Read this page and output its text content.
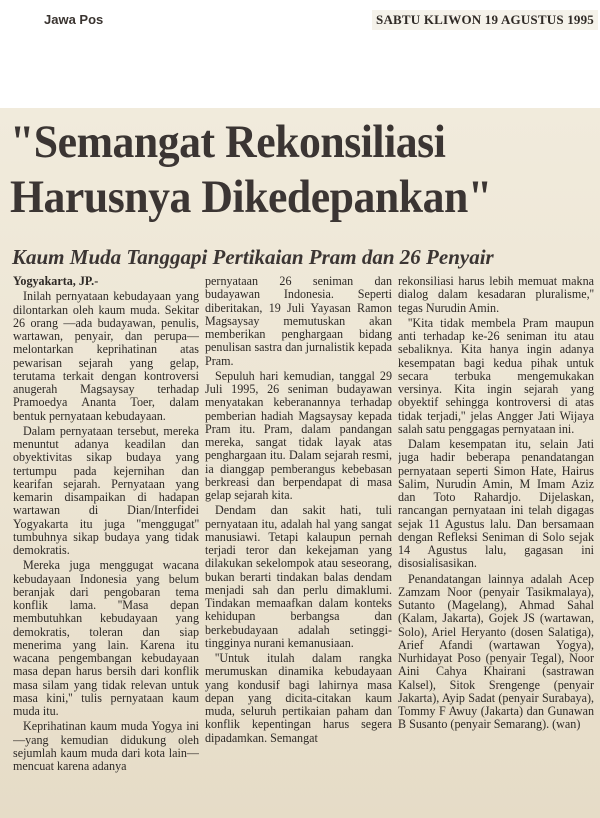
Jawa Pos	SABTU KLIWON 19 AGUSTUS 1995
"Semangat Rekonsiliasi
Harusnya Dikedepankan"
Kaum Muda Tanggapi Pertikaian Pram dan 26 Penyair

Yogyakarta, JP.-

Inilah pernyataan kebudayaan yang dilontarkan oleh kaum muda. Sekitar 26 orang —ada budayawan, penulis, wartawan, penyair, dan perupa— melontarkan keprihatinan atas pewarisan sejarah yang gelap, terutama terkait dengan kontroversi anugerah Magsaysay terhadap Pramoedya Ananta Toer, dalam bentuk pernyataan kebudayaan.

Dalam pernyataan tersebut, mereka menuntut adanya keadilan dan obyektivitas sikap budaya yang tertumpu pada kejernihan dan kearifan sejarah. Pernyataan yang kemarin disampaikan di hadapan wartawan di Dian/Interfidei Yogyakarta itu juga ''menggugat'' tumbuhnya sikap budaya yang tidak demokratis.

Mereka juga menggugat wacana kebudayaan Indonesia yang belum beranjak dari pengobaran tema konflik lama. ''Masa depan membutuhkan kebudayaan yang demokratis, toleran dan siap menerima yang lain. Karena itu wacana pengembangan kebudayaan masa depan harus bersih dari konflik masa silam yang tidak relevan untuk masa kini,'' tulis pernyataan kaum muda itu.

Keprihatinan kaum muda Yogya ini —yang kemudian didukung oleh sejumlah kaum muda dari kota lain— mencuat karena adanya

pernyataan 26 seniman dan budayawan Indonesia. Seperti diberitakan, 19 Juli Yayasan Ramon Magsaysay memutuskan akan memberikan penghargaan bidang penulisan sastra dan jurnalistik kepada Pram.

Sepuluh hari kemudian, tanggal 29 Juli 1995, 26 seniman budayawan menyatakan keberanannya terhadap pemberian hadiah Magsaysay kepada Pram itu. Pram, dalam pandangan mereka, sangat tidak layak atas penghargaan itu. Dalam sejarah resmi, ia dianggap pemberangus kebebasan berkreasi dan berpendapat di masa gelap sejarah kita.

Dendam dan sakit hati, tuli pernyataan itu, adalah hal yang sangat manusiawi. Tetapi kalaupun pernah terjadi teror dan kekejaman yang dilakukan sekelompok atau seseorang, bukan berarti tindakan balas dendam menjadi sah dan perlu dimaklumi. Tindakan memaafkan dalam konteks kehidupan berbangsa dan berkebudayaan adalah setinggi-tingginya nurani kemanusiaan.

''Untuk itulah dalam rangka merumuskan dinamika kebudayaan yang kondusif bagi lahirnya masa depan yang dicita-citakan kaum muda, seluruh pertikaian paham dan konflik kepentingan harus segera dipadamkan. Semangat

rekonsiliasi harus lebih memuat makna dialog dalam kesadaran pluralisme,'' tegas Nurudin Amin.

''Kita tidak membela Pram maupun anti terhadap ke-26 seniman itu atau sebaliknya. Kita hanya ingin adanya kesempatan bagi kedua pihak untuk secara terbuka mengemukakan versinya. Kita ingin sejarah yang obyektif sehingga kontroversi di atas tidak terjadi,'' jelas Angger Jati Wijaya salah satu penggagas pernyataan ini.

Dalam kesempatan itu, selain Jati juga hadir beberapa penandatangan pernyataan seperti Simon Hate, Hairus Salim, Nurudin Amin, M Imam Aziz dan Toto Rahardjo. Dijelaskan, rancangan pernyataan ini telah digagas sejak 11 Agustus lalu. Dan bersamaan dengan Refleksi Seniman di Solo sejak 14 Agustus lalu, gagasan ini disosialisasikan.

Penandatangan lainnya adalah Acep Zamzam Noor (penyair Tasikmalaya), Sutanto (Magelang), Ahmad Sahal (Kalam, Jakarta), Gojek JS (wartawan, Solo), Ariel Heryanto (dosen Salatiga), Arief Afandi (wartawan Yogya), Nurhidayat Poso (penyair Tegal), Noor Aini Cahya Khairani (sastrawan Kalsel), Sitok Srengenge (penyair Jakarta), Ayip Sadat (penyair Surabaya), Tommy F Awuy (Jakarta) dan Gunawan B Susanto (penyair Semarang). (wan)
